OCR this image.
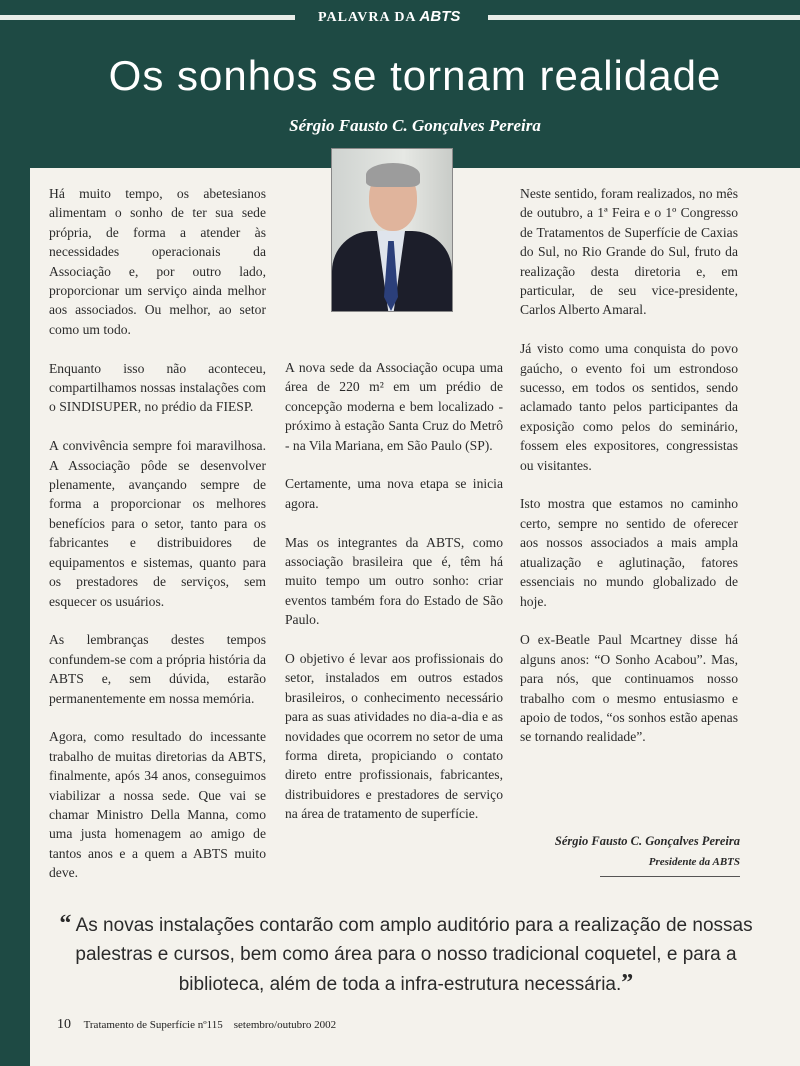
PALAVRA DA ABTS
Os sonhos se tornam realidade
Sérgio Fausto C. Gonçalves Pereira

Há muito tempo, os abetesianos alimentam o sonho de ter sua sede própria, de forma a atender às necessidades operacionais da Associação e, por outro lado, proporcionar um serviço ainda melhor aos associados. Ou melhor, ao setor como um todo.

Enquanto isso não aconteceu, compartilhamos nossas instalações com o SINDISUPER, no prédio da FIESP.

A convivência sempre foi maravilhosa. A Associação pôde se desenvolver plenamente, avançando sempre de forma a proporcionar os melhores benefícios para o setor, tanto para os fabricantes e distribuidores de equipamentos e sistemas, quanto para os prestadores de serviços, sem esquecer os usuários.

As lembranças destes tempos confundem-se com a própria história da ABTS e, sem dúvida, estarão permanentemente em nossa memória.

Agora, como resultado do incessante trabalho de muitas diretorias da ABTS, finalmente, após 34 anos, conseguimos viabilizar a nossa sede. Que vai se chamar Ministro Della Manna, como uma justa homenagem ao amigo de tantos anos e a quem a ABTS muito deve.

A nova sede da Associação ocupa uma área de 220 m² em um prédio de concepção moderna e bem localizado - próximo à estação Santa Cruz do Metrô - na Vila Mariana, em São Paulo (SP).

Certamente, uma nova etapa se inicia agora.

Mas os integrantes da ABTS, como associação brasileira que é, têm há muito tempo um outro sonho: criar eventos também fora do Estado de São Paulo.

O objetivo é levar aos profissionais do setor, instalados em outros estados brasileiros, o conhecimento necessário para as suas atividades no dia-a-dia e as novidades que ocorrem no setor de uma forma direta, propiciando o contato direto entre profissionais, fabricantes, distribuidores e prestadores de serviço na área de tratamento de superfície.

Neste sentido, foram realizados, no mês de outubro, a 1ª Feira e o 1º Congresso de Tratamentos de Superfície de Caxias do Sul, no Rio Grande do Sul, fruto da realização desta diretoria e, em particular, de seu vice-presidente, Carlos Alberto Amaral.

Já visto como uma conquista do povo gaúcho, o evento foi um estrondoso sucesso, em todos os sentidos, sendo aclamado tanto pelos participantes da exposição como pelos do seminário, fossem eles expositores, congressistas ou visitantes.

Isto mostra que estamos no caminho certo, sempre no sentido de oferecer aos nossos associados a mais ampla atualização e aglutinação, fatores essenciais no mundo globalizado de hoje.

O ex-Beatle Paul Mcartney disse há alguns anos: “O Sonho Acabou”. Mas, para nós, que continuamos nosso trabalho com o mesmo entusiasmo e apoio de todos, “os sonhos estão apenas se tornando realidade”.

Sérgio Fausto C. Gonçalves Pereira
Presidente da ABTS
“ As novas instalações contarão com amplo auditório para a realização de nossas palestras e cursos, bem como área para o nosso tradicional coquetel, e para a biblioteca, além de toda a infra-estrutura necessária.”
10 Tratamento de Superfície nº115 setembro/outubro 2002
